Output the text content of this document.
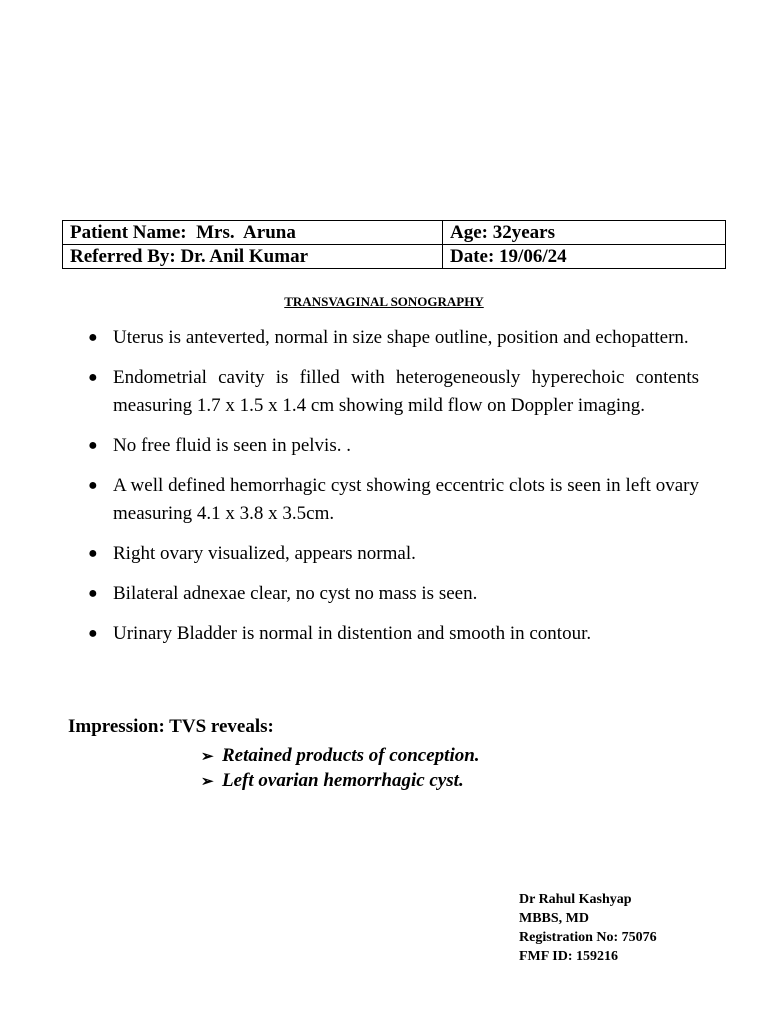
Patient Name:  Mrs.  Aruna	Age: 32years
Referred By: Dr. Anil Kumar	Date: 19/06/24
TRANSVAGINAL SONOGRAPHY
● Uterus is anteverted, normal in size shape outline, position and echopattern.
● Endometrial cavity is filled with heterogeneously hyperechoic contents measuring 1.7 x 1.5 x 1.4 cm showing mild flow on Doppler imaging.
● No free fluid is seen in pelvis. .
● A well defined hemorrhagic cyst showing eccentric clots is seen in left ovary measuring 4.1 x 3.8 x 3.5cm.
● Right ovary visualized, appears normal.
● Bilateral adnexae clear, no cyst no mass is seen.
● Urinary Bladder is normal in distention and smooth in contour.
Impression: TVS reveals:
➢ Retained products of conception.
➢ Left ovarian hemorrhagic cyst.
Dr Rahul Kashyap
MBBS, MD
Registration No: 75076
FMF ID: 159216
